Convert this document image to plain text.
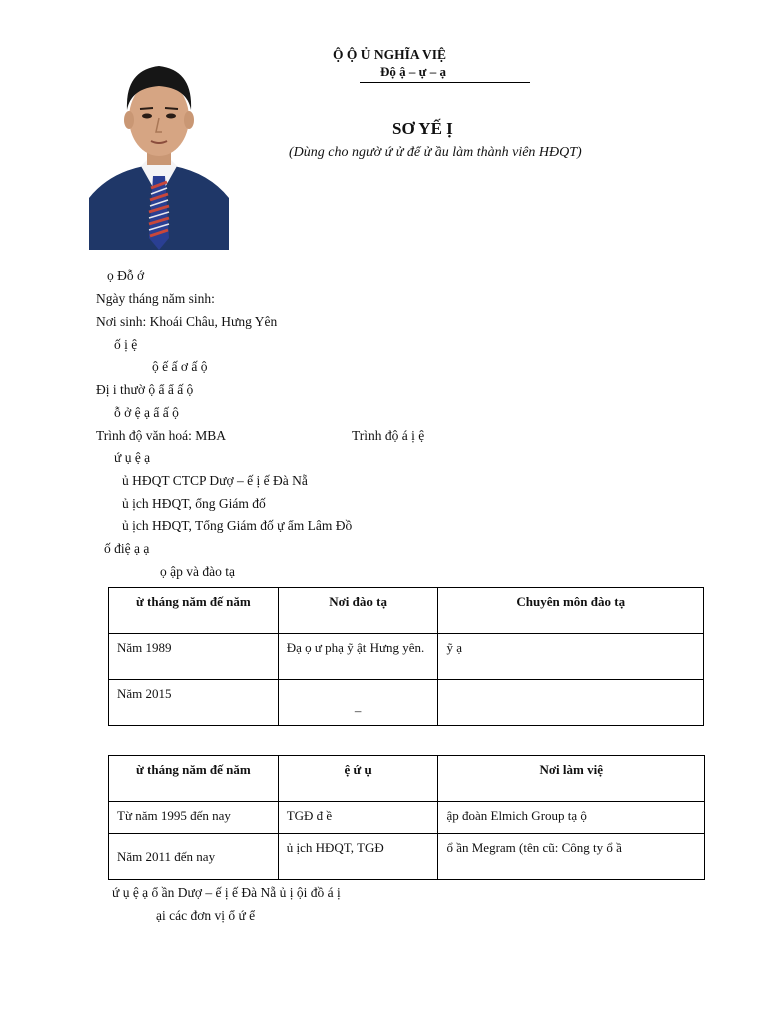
Ộ Ộ Ủ NGHĨA VIỆ
Độ ậ – ự – ạ
SƠ YẾ Ị
(Dùng cho ngườ ứ ử để ử ầu làm thành viên HĐQT)
ọ Đỗ ớ
Ngày tháng năm sinh:
Nơi sinh: Khoái Châu, Hưng Yên
ố ị ệ
ộ ế ấ ơ ấ ộ
Đị i thườ ộ ẩ ẩ ấ ộ
ỗ ở ệ ạ ẩ ấ ộ
Trình độ văn hoá: MBA	Trình độ á ị ệ
ứ ụ ệ ạ
ủ HĐQT CTCP Dượ – ế ị ế Đà Nẵ
ủ ịch HĐQT, ổng Giám đố
ủ ịch HĐQT, Tổng Giám đố ự ẩm Lâm Đồ
ố điệ ạ ạ
ọ ập và đào tạ
ừ tháng năm đế năm	Nơi đào tạ	Chuyên môn đào tạ
Năm 1989	Đạ ọ ư phạ ỹ ật Hưng yên.	ỹ ạ
Năm 2015	–	
ừ tháng năm đế năm	ệ ứ ụ	Nơi làm việ
Từ năm 1995 đến nay	TGĐ đ ề	ập đoàn Elmich Group tạ ộ
Năm 2011 đến nay	ủ ịch HĐQT, TGĐ	ổ ần Megram (tên cũ: Công ty ổ ầ
ứ ụ ệ ạ ổ ần Dượ – ế ị ế Đà Nẵ ủ ị ội đồ á ị
ại các đơn vị ổ ứ ể
